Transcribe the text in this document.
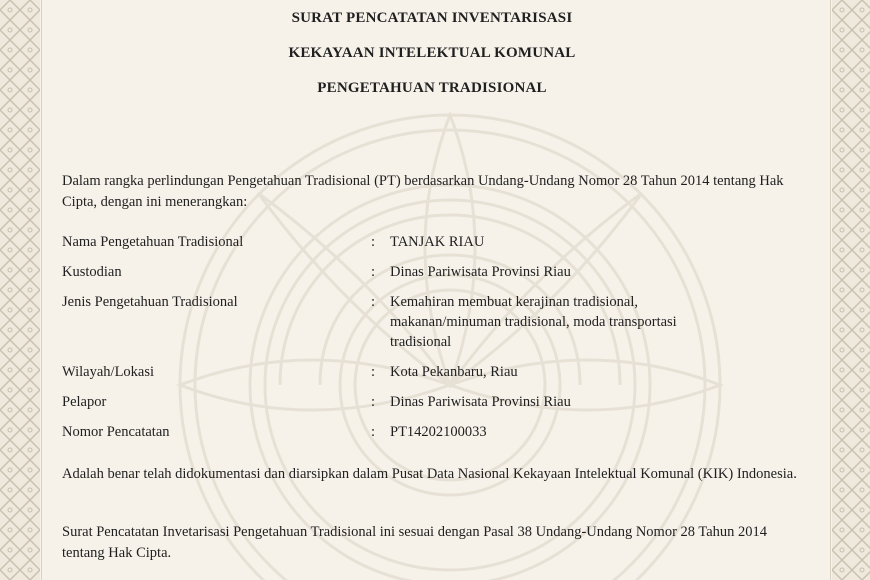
SURAT PENCATATAN INVENTARISASI
KEKAYAAN INTELEKTUAL KOMUNAL
PENGETAHUAN TRADISIONAL
Dalam rangka perlindungan Pengetahuan Tradisional (PT) berdasarkan Undang-Undang Nomor 28 Tahun 2014 tentang Hak Cipta, dengan ini menerangkan:
Nama Pengetahuan Tradisional	: TANJAK RIAU
Kustodian	: Dinas Pariwisata Provinsi Riau
Jenis Pengetahuan Tradisional	: Kemahiran membuat kerajinan tradisional, makanan/minuman tradisional, moda transportasi tradisional
Wilayah/Lokasi	: Kota Pekanbaru, Riau
Pelapor	: Dinas Pariwisata Provinsi Riau
Nomor Pencatatan	: PT14202100033
Adalah benar telah didokumentasi dan diarsipkan dalam Pusat Data Nasional Kekayaan Intelektual Komunal (KIK) Indonesia.
Surat Pencatatan Invetarisasi Pengetahuan Tradisional ini sesuai dengan Pasal 38 Undang-Undang Nomor 28 Tahun 2014 tentang Hak Cipta.
